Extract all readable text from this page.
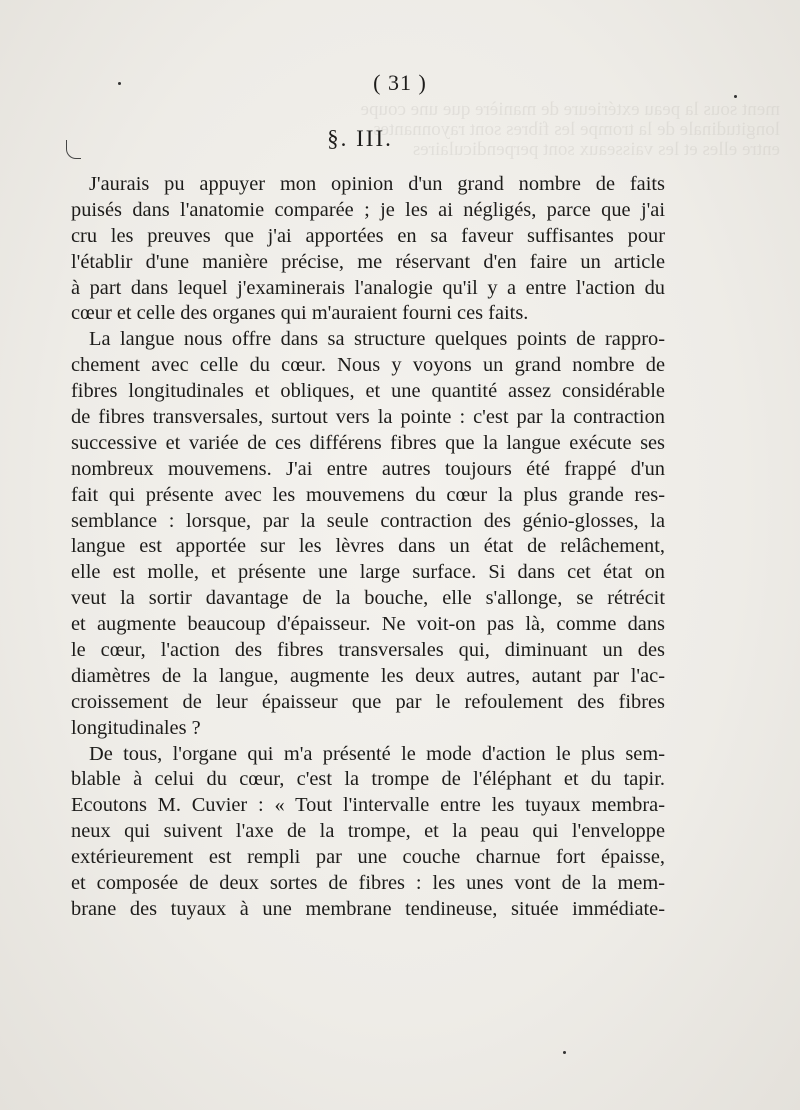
ment sous la peau extérieure de manière que une coupe
longitudinale de la trompe les fibres sont rayonnantes
entre elles et les vaisseaux sont perpendiculaires
( 31 )
§. III.
J'aurais pu appuyer mon opinion d'un grand nombre de faits
puisés dans l'anatomie comparée ; je les ai négligés, parce que j'ai
cru les preuves que j'ai apportées en sa faveur suffisantes pour
l'établir d'une manière précise, me réservant d'en faire un article
à part dans lequel j'examinerais l'analogie qu'il y a entre l'action du
cœur et celle des organes qui m'auraient fourni ces faits.
La langue nous offre dans sa structure quelques points de rappro-
chement avec celle du cœur. Nous y voyons un grand nombre de
fibres longitudinales et obliques, et une quantité assez considérable
de fibres transversales, surtout vers la pointe : c'est par la contraction
successive et variée de ces différens fibres que la langue exécute ses
nombreux mouvemens. J'ai entre autres toujours été frappé d'un
fait qui présente avec les mouvemens du cœur la plus grande res-
semblance : lorsque, par la seule contraction des génio-glosses, la
langue est apportée sur les lèvres dans un état de relâchement,
elle est molle, et présente une large surface. Si dans cet état on
veut la sortir davantage de la bouche, elle s'allonge, se rétrécit
et augmente beaucoup d'épaisseur. Ne voit-on pas là, comme dans
le cœur, l'action des fibres transversales qui, diminuant un des
diamètres de la langue, augmente les deux autres, autant par l'ac-
croissement de leur épaisseur que par le refoulement des fibres
longitudinales ?
De tous, l'organe qui m'a présenté le mode d'action le plus sem-
blable à celui du cœur, c'est la trompe de l'éléphant et du tapir.
Ecoutons M. Cuvier : « Tout l'intervalle entre les tuyaux membra-
neux qui suivent l'axe de la trompe, et la peau qui l'enveloppe
extérieurement est rempli par une couche charnue fort épaisse,
et composée de deux sortes de fibres : les unes vont de la mem-
brane des tuyaux à une membrane tendineuse, située immédiate-
